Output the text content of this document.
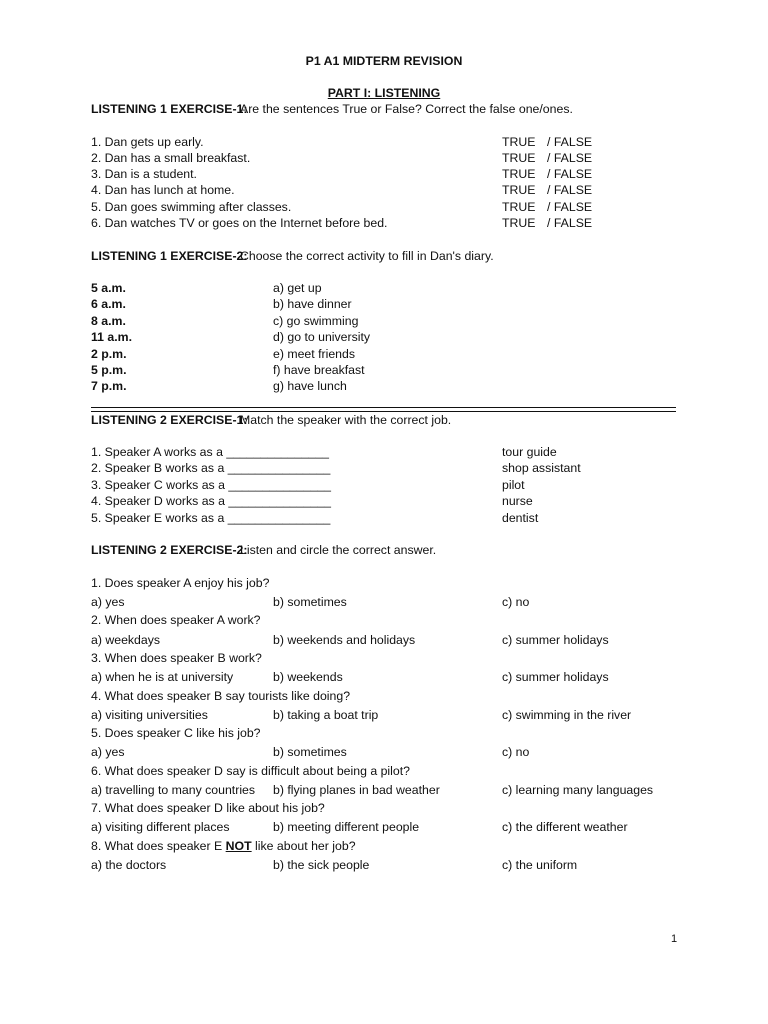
P1 A1 MIDTERM REVISION
PART I: LISTENING
LISTENING 1 EXERCISE-1:
Are the sentences True or False? Correct the false one/ones.
1. Dan gets up early.	TRUE / FALSE
2. Dan has a small breakfast.	TRUE / FALSE
3. Dan is a student.	TRUE / FALSE
4. Dan has lunch at home.	TRUE / FALSE
5. Dan goes swimming after classes.	TRUE / FALSE
6. Dan watches TV or goes on the Internet before bed.	TRUE / FALSE
LISTENING 1 EXERCISE-2:
Choose the correct activity to fill in Dan's diary.
5 a.m.	a) get up
6 a.m.	b) have dinner
8 a.m.	c) go swimming
11 a.m.	d) go to university
2 p.m.	e) meet friends
5 p.m.	f) have breakfast
7 p.m.	g) have lunch
LISTENING 2 EXERCISE-1:
Match the speaker with the correct job.
1. Speaker A works as a _______________	tour guide
2. Speaker B works as a _______________	shop assistant
3. Speaker C works as a _______________	pilot
4. Speaker D works as a _______________	nurse
5. Speaker E works as a _______________	dentist
LISTENING 2 EXERCISE-2:
Listen and circle the correct answer.
1. Does speaker A enjoy his job?
a) yes	b) sometimes	c) no
2. When does speaker A work?
a) weekdays	b) weekends and holidays	c) summer holidays
3. When does speaker B work?
a) when he is at university	b) weekends	c) summer holidays
4. What does speaker B say tourists like doing?
a) visiting universities	b) taking a boat trip	c) swimming in the river
5. Does speaker C like his job?
a) yes	b) sometimes	c) no
6. What does speaker D say is difficult about being a pilot?
a) travelling to many countries b) flying planes in bad weather	c) learning many languages
7. What does speaker D like about his job?
a) visiting different places	b) meeting different people	c) the different weather
8. What does speaker E NOT like about her job?
a) the doctors	b) the sick people	c) the uniform
1
